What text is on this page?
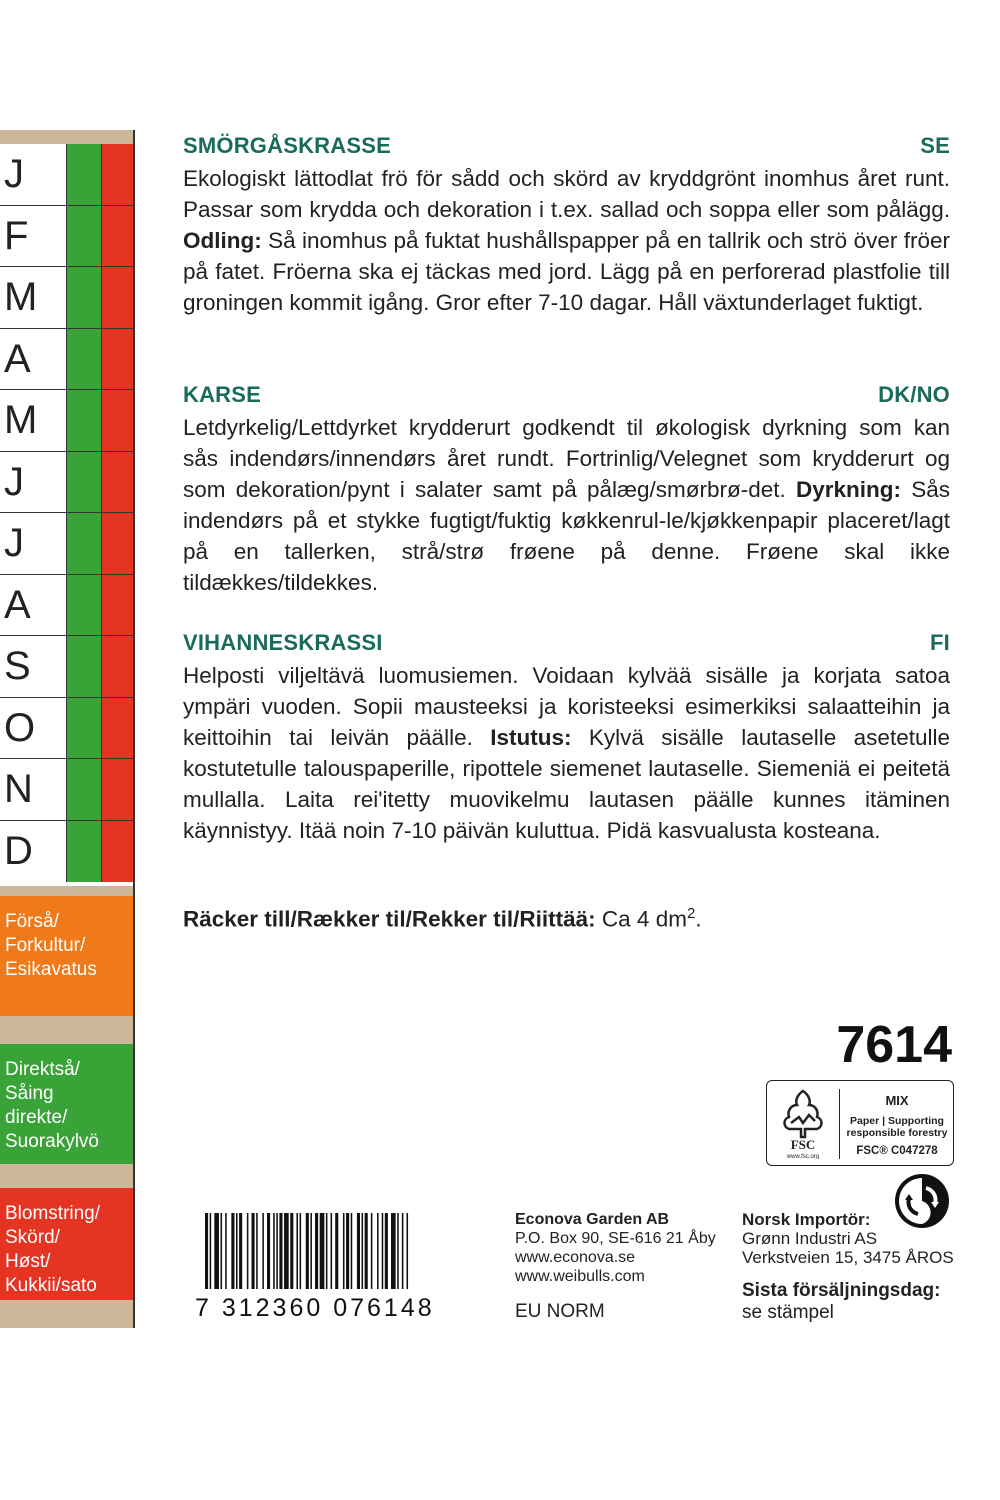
J
F
M
A
M
J
J
A
S
O
N
D
Förså/
Forkultur/
Esikavatus
Direktså/
Såing
direkte/
Suorakylvö
Blomstring/
Skörd/
Høst/
Kukkii/sato
SMÖRGÅSKRASSE	SE
Ekologiskt lättodlat frö för sådd och skörd av kryddgrönt inomhus året runt. Passar som krydda och dekoration i t.ex. sallad och soppa eller som pålägg. Odling: Så inomhus på fuktat hushållspapper på en tallrik och strö över fröer på fatet. Fröerna ska ej täckas med jord. Lägg på en perforerad plastfolie till groningen kommit igång. Gror efter 7-10 dagar. Håll växtunderlaget fuktigt.
KARSE	DK/NO
Letdyrkelig/Lettdyrket krydderurt godkendt til økologisk dyrkning som kan sås indendørs/innendørs året rundt. Fortrinlig/Velegnet som krydderurt og som dekoration/pynt i salater samt på pålæg/smørbrø-det. Dyrkning: Sås indendørs på et stykke fugtigt/fuktig køkkenrul-le/kjøkkenpapir placeret/lagt på en tallerken, strå/strø frøene på denne. Frøene skal ikke tildækkes/tildekkes.
VIHANNESKRASSI	FI
Helposti viljeltävä luomusiemen. Voidaan kylvää sisälle ja korjata satoa ympäri vuoden. Sopii mausteeksi ja koristeeksi esimerkiksi salaatteihin ja keittoihin tai leivän päälle. Istutus: Kylvä sisälle lautaselle asetetulle kostutetulle talouspaperille, ripottele siemenet lautaselle. Siemeniä ei peitetä mullalla. Laita rei'itetty muovikelmu lautasen päälle kunnes itäminen käynnistyy. Itää noin 7-10 päivän kuluttua. Pidä kasvualusta kosteana.
Räcker till/Rækker til/Rekker til/Riittää: Ca 4 $dm^2$.
7614
FSC
www.fsc.org
MIX
Paper | Supporting
responsible forestry
FSC® C047278
7 312360 076148
Econova Garden AB
P.O. Box 90, SE-616 21 Åby
www.econova.se
www.weibulls.com
EU NORM
Norsk Importör:
Grønn Industri AS
Verkstveien 15, 3475 ÅROS
Sista försäljningsdag:
se stämpel
